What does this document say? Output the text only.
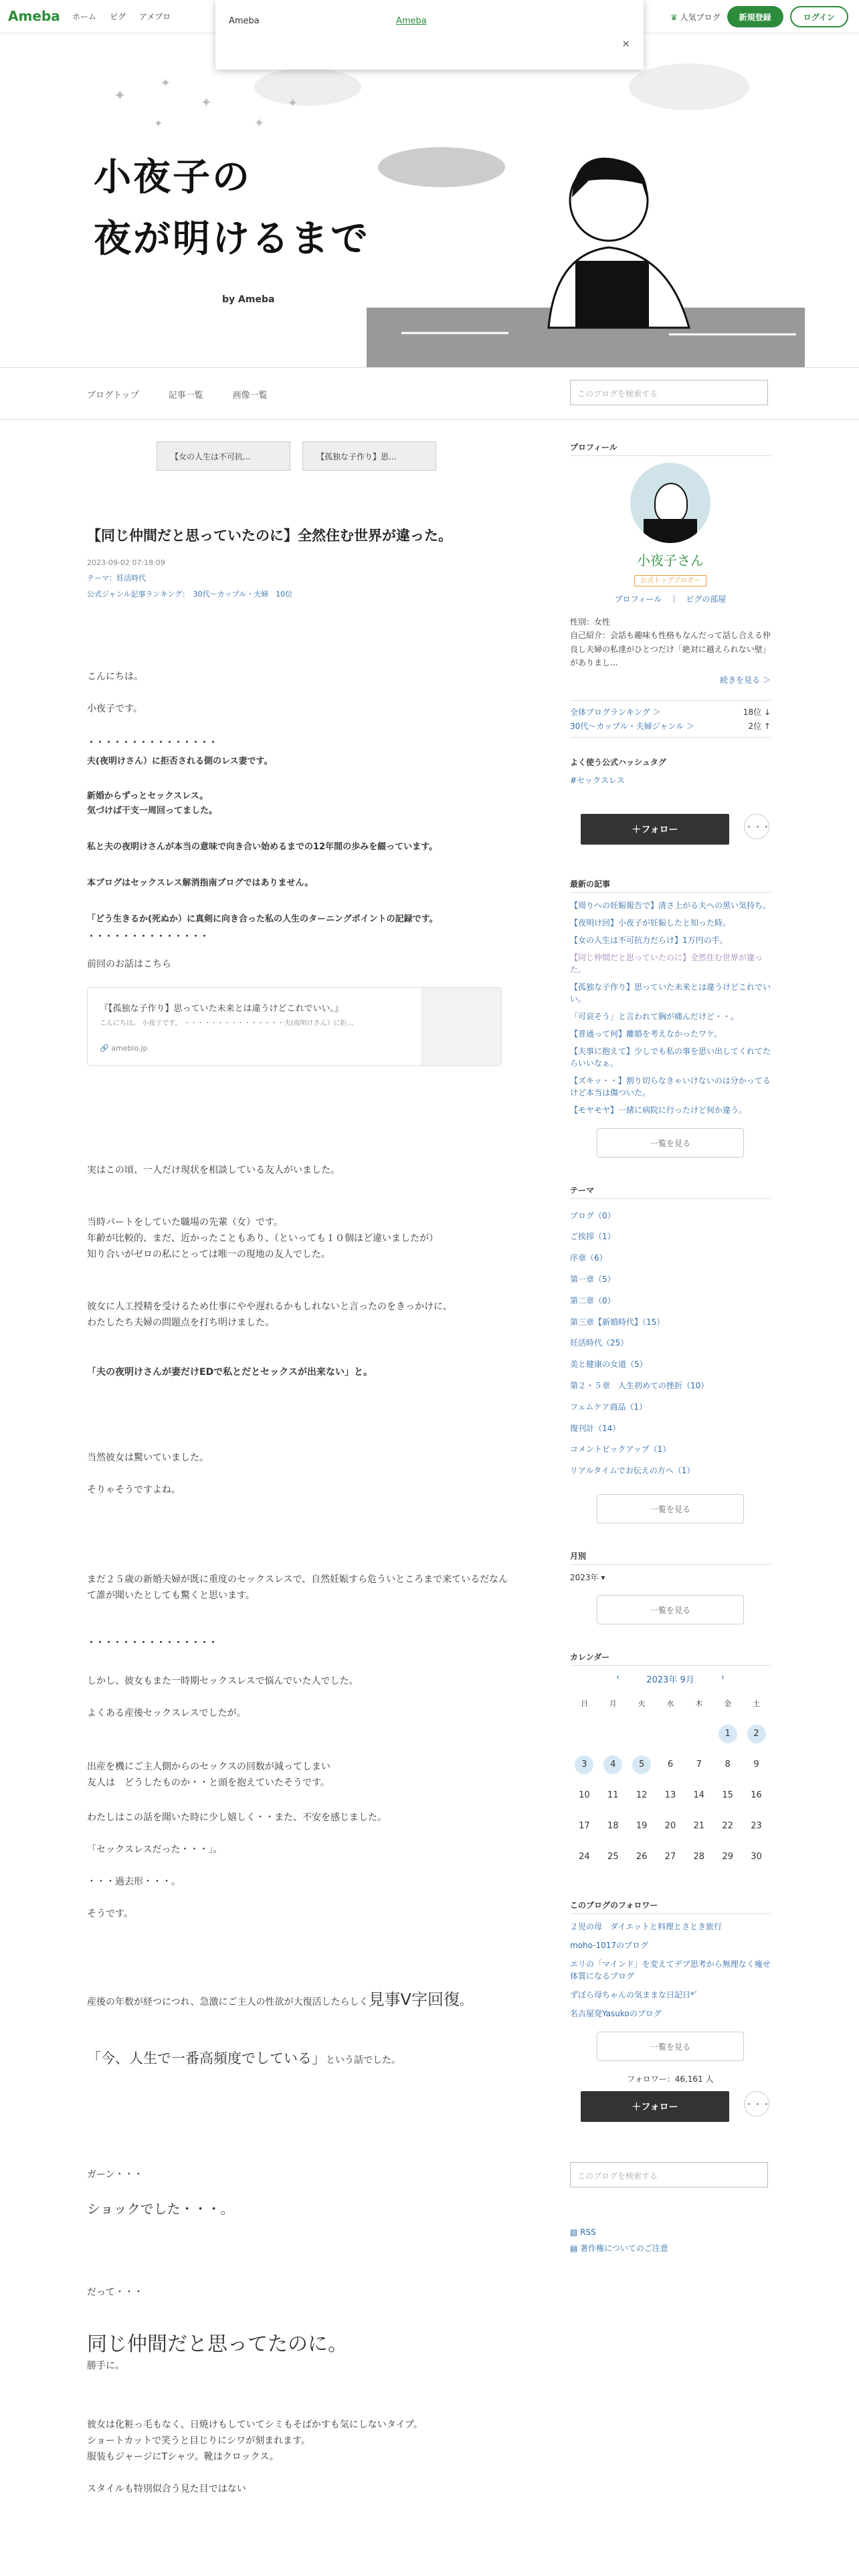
Ameba ホーム ピグ アメブロ	♛ 人気ブログ	新規登録	ログイン
✦
✦
✦
✦
✦
✦
小夜子の
夜が明けるまで
by Ameba
Ameba	Ameba
×
ブログトップ	記事一覧	画像一覧	このブログを検索する
【女の人生は不可抗...	【孤独な子作り】思...
【同じ仲間だと思っていたのに】全然住む世界が違った。
2023-09-02 07:18:09
テーマ：妊活時代
公式ジャンル記事ランキング：　30代〜カップル・夫婦　10位
こんにちは。

小夜子です。
・・・・・・・・・・・・・・・
夫(夜明けさん）に拒否される側のレス妻です。
新婚からずっとセックスレス。
気づけば干支一周回ってました。
私と夫の夜明けさんが本当の意味で向き合い始めるまでの12年間の歩みを綴っています。
本ブログはセックスレス解消指南ブログではありません。
「どう生きるか(死ぬか）に真剣に向き合った私の人生のターニングポイントの記録です。
・・・・・・・・・・・・・・
前回のお話はこちら
『【孤独な子作り】思っていた未来とは違うけどこれでいい。』
こんにちは。 小夜子です。 ・・・・・・・・・・・・・・・夫(夜明けさん）に拒...
🔗 ameblo.jp
実はこの頃、一人だけ現状を相談している友人がいました。
当時パートをしていた職場の先輩（女）です。
年齢が比較的、まだ、近かったこともあり、（といっても１０個ほど違いましたが）
知り合いがゼロの私にとっては唯一の現地の友人でした。
彼女に人工授精を受けるため仕事にやや遅れるかもしれないと言ったのをきっかけに、
わたしたち夫婦の問題点を打ち明けました。
「夫の夜明けさんが妻だけEDで私とだとセックスが出来ない」と。
当然彼女は驚いていました。

そりゃそうですよね。
まだ２５歳の新婚夫婦が既に重度のセックスレスで、自然妊娠すら危ういところまで来ているだなんて誰が聞いたとしても驚くと思います。
・・・・・・・・・・・・・・・
しかし、彼女もまた一時期セックスレスで悩んでいた人でした。

よくある産後セックスレスでしたが。
出産を機にご主人側からのセックスの回数が減ってしまい
友人は　どうしたものか・・と頭を抱えていたそうです。
わたしはこの話を聞いた時に少し嬉しく・・また、不安を感じました。

「セックスレスだった・・・」。

・・・過去形・・・。

そうです。
産後の年数が経つにつれ、急激にご主人の性欲が大復活したらしく見事V字回復。
「今、人生で一番高頻度でしている」という話でした。
ガーン・・・
ショックでした・・・。
だって・・・
同じ仲間だと思ってたのに。
勝手に。
彼女は化粧っ毛もなく、日焼けもしていてシミもそばかすも気にしないタイプ。
ショートカットで笑うと目じりにシワが刻まれます。
服装もジャージにTシャツ。靴はクロックス。

スタイルも特別似合う見た目ではない
プロフィール
小夜子さん
公式トップブロガー
プロフィール　｜　ピグの部屋
性別：女性
自己紹介：会話も趣味も性格もなんだって話し合える仲良し夫婦の私達がひとつだけ「絶対に越えられない壁」がありまし...
続きを見る ＞
全体ブログランキング ＞	18位 ↓
30代〜カップル・夫婦ジャンル ＞	2位 ↑
よく使う公式ハッシュタグ
#セックスレス
＋フォロー	・・・
最新の記事
【周りへの妊娠報告で】清さ上がる夫への黒い気持ち。
【夜明け回】小夜子が妊娠したと知った時。
【女の人生は不可抗力だらけ】1万円の手。
【同じ仲間だと思っていたのに】全然住む世界が違った。
【孤独な子作り】思っていた未来とは違うけどこれでいい。
「可哀そう」と言われて胸が痛んだけど・・。
【普通って何】離婚を考えなかったワケ。
【夫事に抱えて】少しでも私の事を思い出してくれてたらいいなぁ。
【ズキッ・・】割り切らなきゃいけないのは分かってるけど本当は傷ついた。
【モヤモヤ】一緒に病院に行ったけど何か違う。
一覧を見る
テーマ
ブログ（0）
ご挨拶（1）
序章（6）
第一章（5）
第二章（0）
第三章【新婚時代】（15）
妊活時代（25）
美と健康の女道（5）
第２・５章　人生初めての挫折（10）
フェムケア商品（1）
復刊計（14）
コメントピックアップ（1）
リアルタイムでお伝えの方へ（1）
一覧を見る
月別
2023年 ▾
一覧を見る
カレンダー
‹	2023年 9月	›
日	月	火	水	木	金	土
					1	2
3	4	5	6	7	8	9
10	11	12	13	14	15	16
17	18	19	20	21	22	23
24	25	26	27	28	29	30
このブログのフォロワー
２児の母　ダイエットと料理とさとき旅行
moho-1017のブログ
エリの「マインド」を変えてデブ思考から無理なく痩せ体質になるブログ
ずぼら母ちゃんの気ままな日記日*ﾟ
名古屋発Yasukoのブログ
一覧を見る
フォロワー：46,161 人
＋フォロー	・・・
このブログを検索する
▧ RSS
▤ 著作権についてのご注意
